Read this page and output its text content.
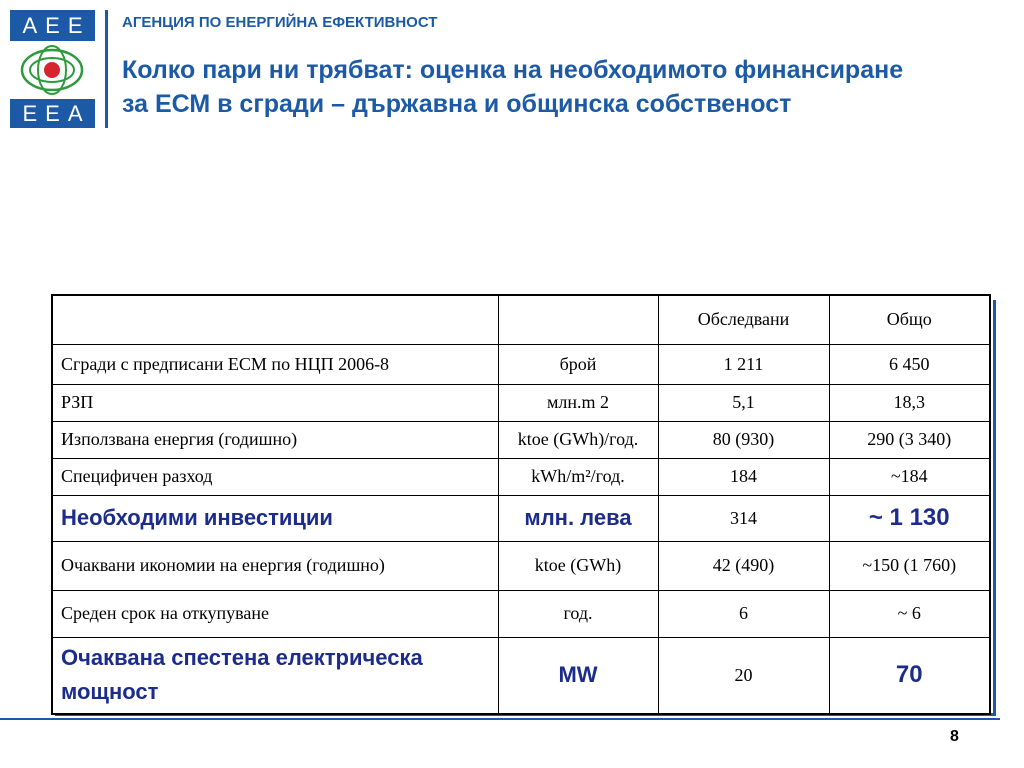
AEE
EEA
АГЕНЦИЯ ПО ЕНЕРГИЙНА ЕФЕКТИВНОСТ
Колко пари ни трябват: оценка на необходимото финансиране
за ЕСМ в сгради – държавна и общинска собственост
		Обследвани	Общо
Сгради с предписани ЕСМ по НЦП 2006-8	брой	1 211	6 450
РЗП	млн.m 2	5,1	18,3
Използвана енергия (годишно)	ktoe (GWh)/год.	80 (930)	290 (3 340)
Специфичен разход	kWh/m²/год.	184	~184
Необходими инвестиции	млн. лева	314	~ 1 130
Очаквани икономии на енергия (годишно)	ktoe (GWh)	42 (490)	~150 (1 760)
Среден срок на откупуване	год.	6	~ 6
Очаквана спестена електрическа мощност	MW	20	70
8
